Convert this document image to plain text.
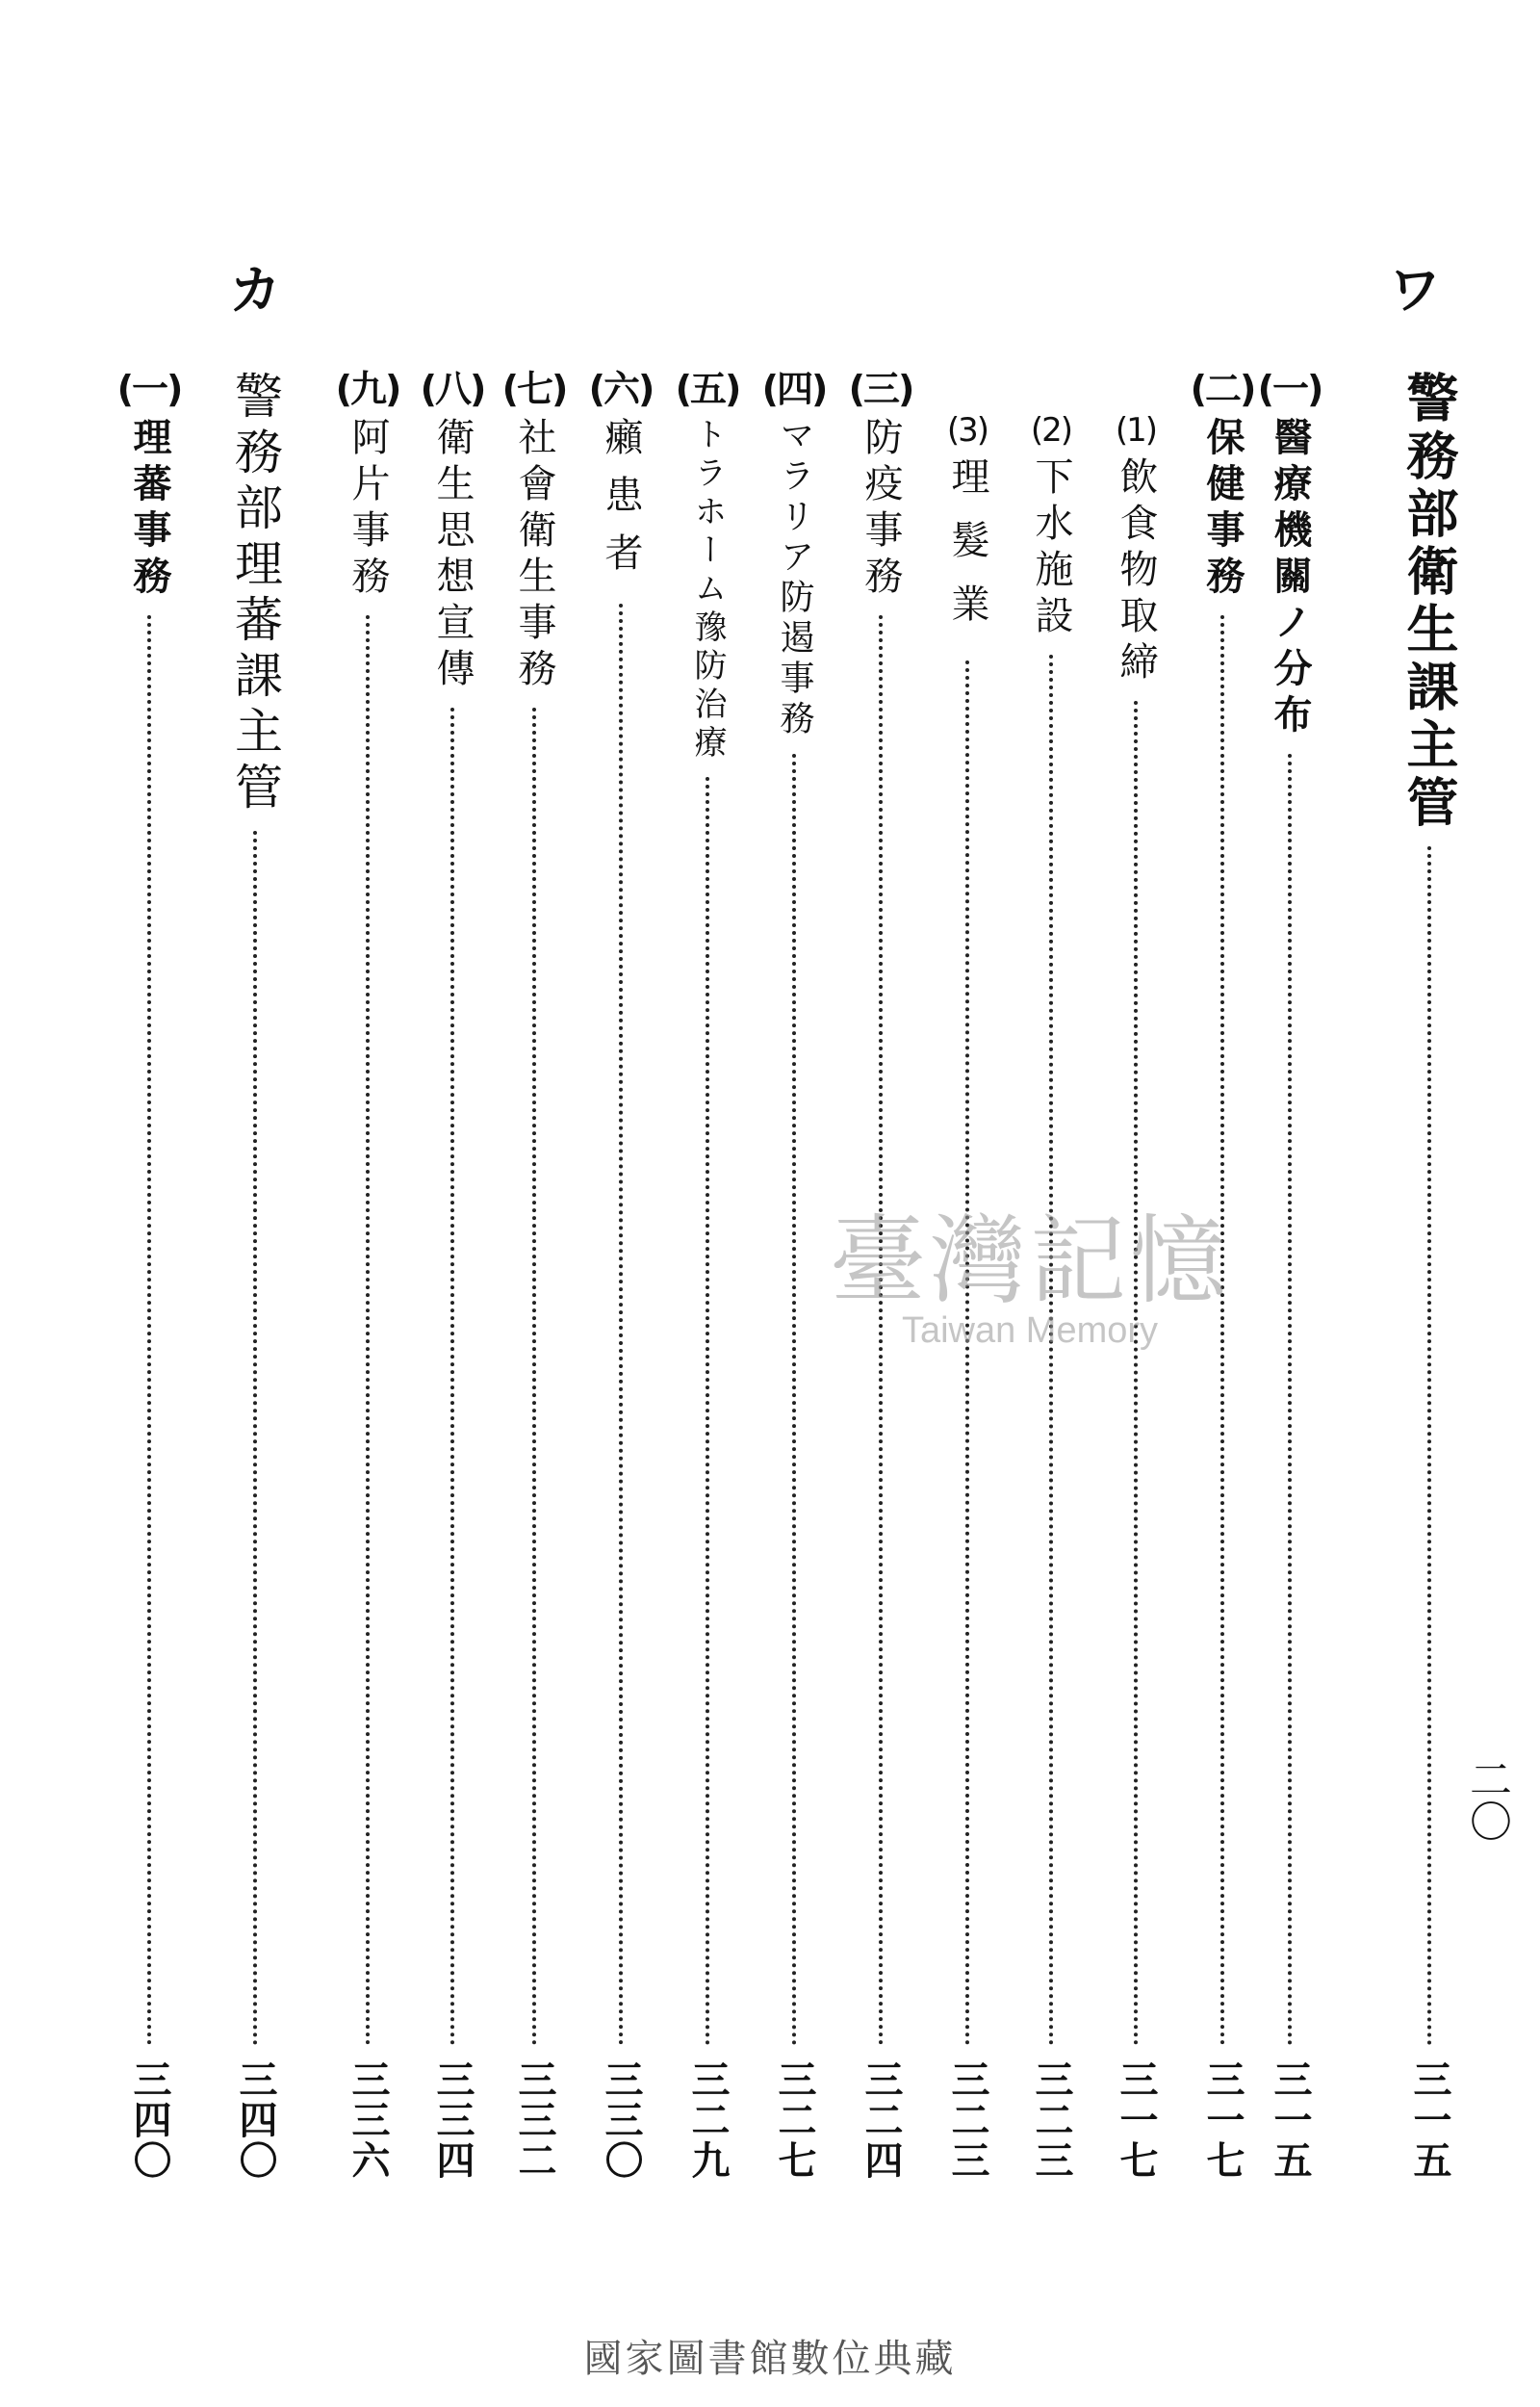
ワ
警務部衛生課主管
三一五
(一)
醫療機關ノ分布
三一五
(二)
保健事務
三一七
(1)
飲食物取締
三一七
(2)
下水施設
三二三
(3)
理髮業
三二三
(三)
防疫事務
三二四
(四)
マラリア防遏事務
三二七
(五)
トラホーム豫防治療
三二九
(六)
癩患者
三三〇
(七)
社會衛生事務
三三二
(八)
衛生思想宣傳
三三四
(九)
阿片事務
三三六
カ
警務部理蕃課主管
三四〇
(一)
理蕃事務
三四〇
二〇
臺灣記憶
Taiwan Memory
國家圖書館數位典藏
